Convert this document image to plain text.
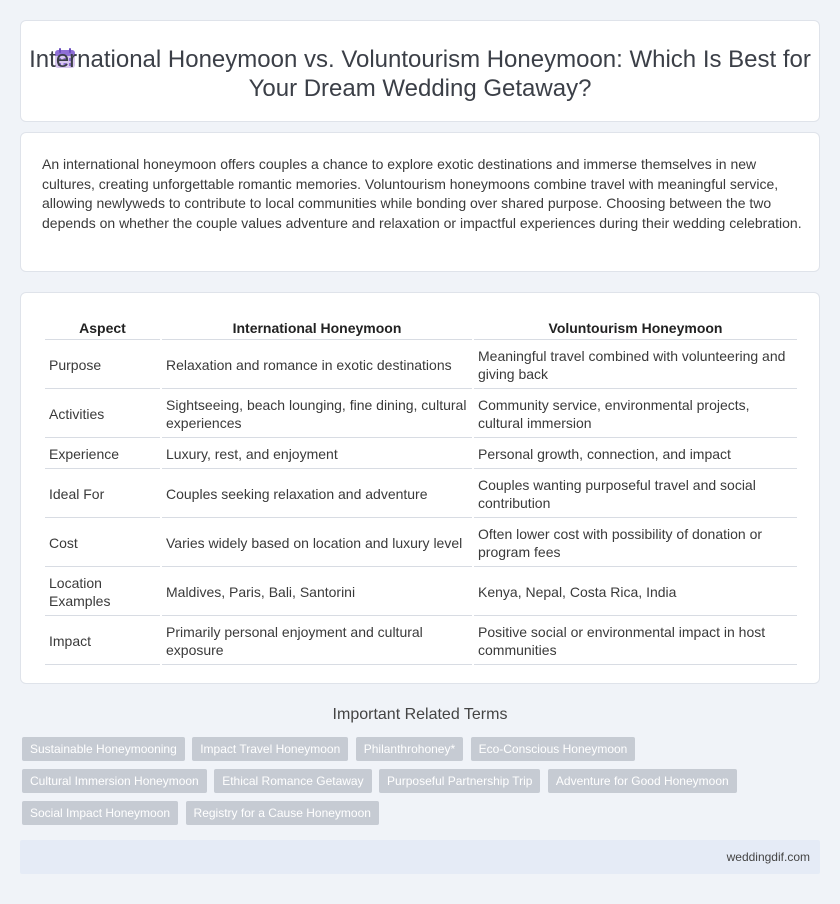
International Honeymoon vs. Voluntourism Honeymoon: Which Is Best for Your Dream Wedding Getaway?

An international honeymoon offers couples a chance to explore exotic destinations and immerse themselves in new cultures, creating unforgettable romantic memories. Voluntourism honeymoons combine travel with meaningful service, allowing newlyweds to contribute to local communities while bonding over shared purpose. Choosing between the two depends on whether the couple values adventure and relaxation or impactful experiences during their wedding celebration.

Aspect	International Honeymoon	Voluntourism Honeymoon
Purpose	Relaxation and romance in exotic destinations	Meaningful travel combined with volunteering and giving back
Activities	Sightseeing, beach lounging, fine dining, cultural experiences	Community service, environmental projects, cultural immersion
Experience	Luxury, rest, and enjoyment	Personal growth, connection, and impact
Ideal For	Couples seeking relaxation and adventure	Couples wanting purposeful travel and social contribution
Cost	Varies widely based on location and luxury level	Often lower cost with possibility of donation or program fees
Location Examples	Maldives, Paris, Bali, Santorini	Kenya, Nepal, Costa Rica, India
Impact	Primarily personal enjoyment and cultural exposure	Positive social or environmental impact in host communities
Important Related Terms
Sustainable Honeymooning Impact Travel Honeymoon Philanthrohoney* Eco-Conscious Honeymoon Cultural Immersion Honeymoon Ethical Romance Getaway Purposeful Partnership Trip Adventure for Good Honeymoon Social Impact Honeymoon Registry for a Cause Honeymoon
weddingdif.com
